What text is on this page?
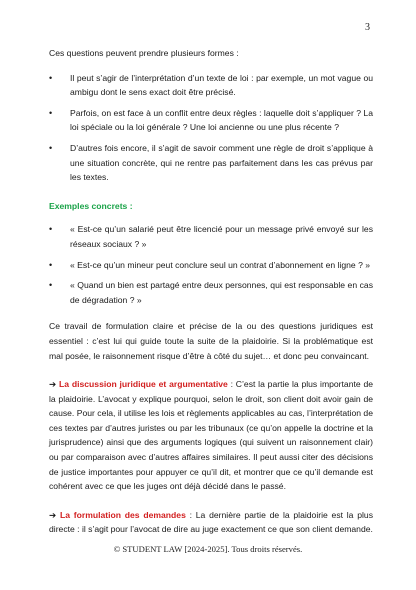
3

Ces questions peuvent prendre plusieurs formes :

• Il peut s’agir de l’interprétation d’un texte de loi : par exemple, un mot vague ou ambigu dont le sens exact doit être précisé.
• Parfois, on est face à un conflit entre deux règles : laquelle doit s’appliquer ? La loi spéciale ou la loi générale ? Une loi ancienne ou une plus récente ?
• D’autres fois encore, il s’agit de savoir comment une règle de droit s’applique à une situation concrète, qui ne rentre pas parfaitement dans les cas prévus par les textes.

Exemples concrets :

• « Est-ce qu’un salarié peut être licencié pour un message privé envoyé sur les réseaux sociaux ? »
• « Est-ce qu’un mineur peut conclure seul un contrat d’abonnement en ligne ? »
• « Quand un bien est partagé entre deux personnes, qui est responsable en cas de dégradation ? »

Ce travail de formulation claire et précise de la ou des questions juridiques est essentiel : c’est lui qui guide toute la suite de la plaidoirie. Si la problématique est mal posée, le raisonnement risque d’être à côté du sujet… et donc peu convaincant.

➔ La discussion juridique et argumentative : C’est la partie la plus importante de la plaidoirie. L’avocat y explique pourquoi, selon le droit, son client doit avoir gain de cause. Pour cela, il utilise les lois et règlements applicables au cas, l’interprétation de ces textes par d’autres juristes ou par les tribunaux (ce qu’on appelle la doctrine et la jurisprudence) ainsi que des arguments logiques (qui suivent un raisonnement clair) ou par comparaison avec d’autres affaires similaires. Il peut aussi citer des décisions de justice importantes pour appuyer ce qu’il dit, et montrer que ce qu’il demande est cohérent avec ce que les juges ont déjà décidé dans le passé.

➔ La formulation des demandes : La dernière partie de la plaidoirie est la plus directe : il s’agit pour l’avocat de dire au juge exactement ce que son client demande.

© STUDENT LAW [2024-2025]. Tous droits réservés.
